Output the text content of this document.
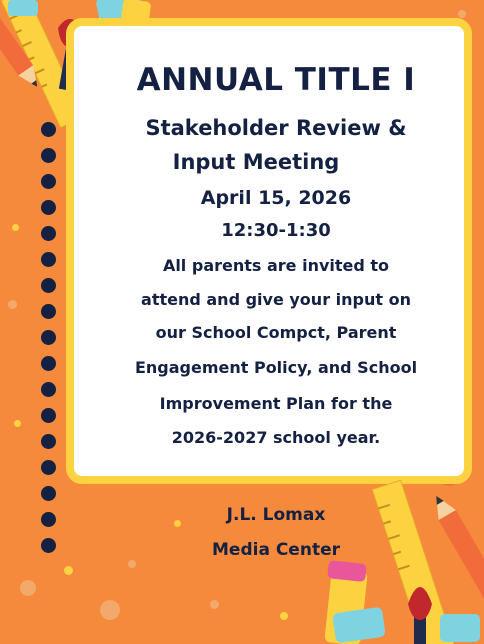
ANNUAL TITLE I
Stakeholder Review &
Input Meeting
April 15, 2026
12:30-1:30
All parents are invited to
attend and give your input on
our School Compct, Parent
Engagement Policy, and School
Improvement Plan for the
2026-2027 school year.
J.L. Lomax
Media Center
